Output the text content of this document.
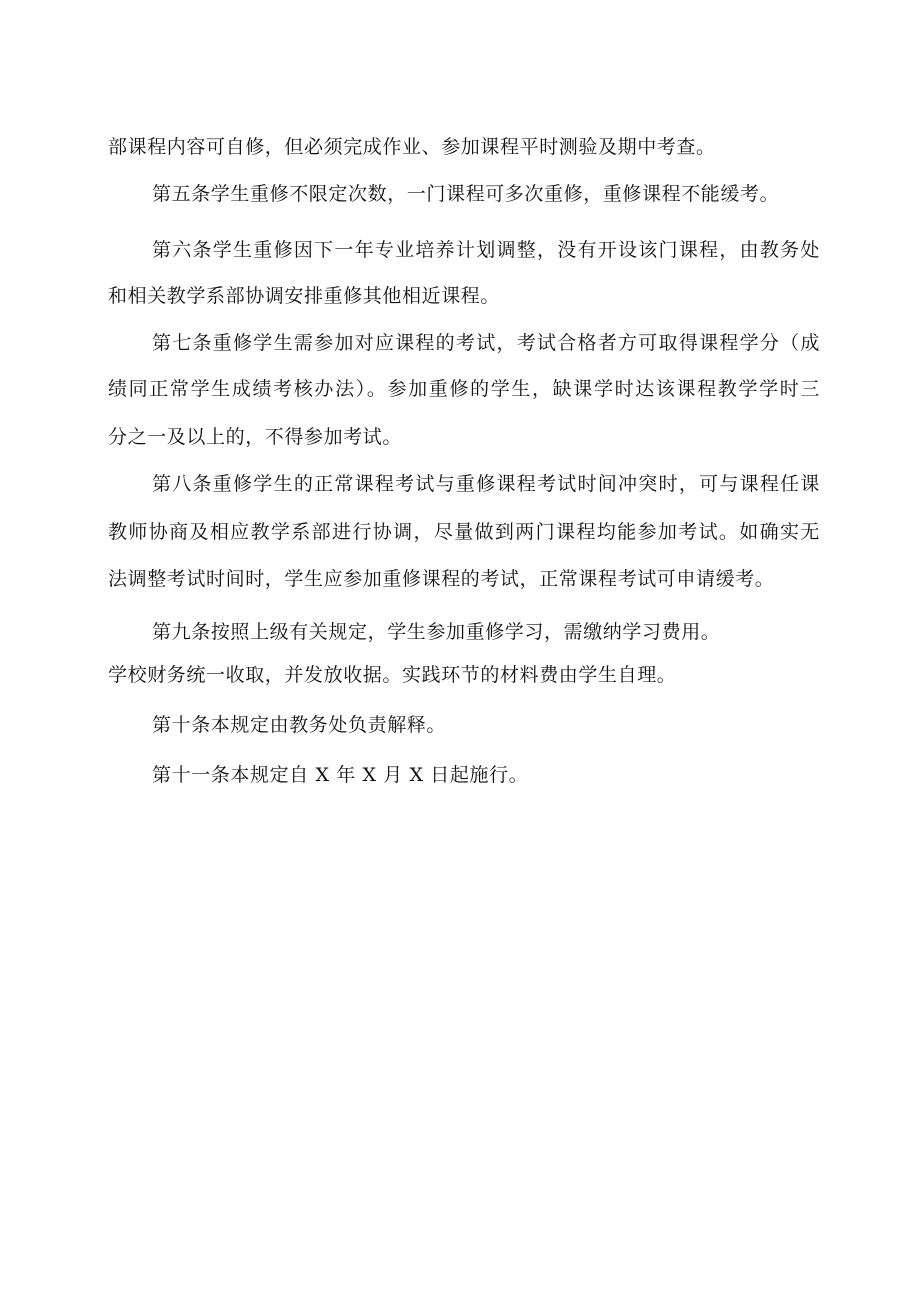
部课程内容可自修，但必须完成作业、参加课程平时测验及期中考查。
第五条学生重修不限定次数，一门课程可多次重修，重修课程不能缓考。
第六条学生重修因下一年专业培养计划调整，没有开设该门课程，由教务处
和相关教学系部协调安排重修其他相近课程。
第七条重修学生需参加对应课程的考试，考试合格者方可取得课程学分（成
绩同正常学生成绩考核办法）。参加重修的学生，缺课学时达该课程教学学时三
分之一及以上的，不得参加考试。
第八条重修学生的正常课程考试与重修课程考试时间冲突时，可与课程任课
教师协商及相应教学系部进行协调，尽量做到两门课程均能参加考试。如确实无
法调整考试时间时，学生应参加重修课程的考试，正常课程考试可申请缓考。
第九条按照上级有关规定，学生参加重修学习，需缴纳学习费用。
学校财务统一收取，并发放收据。实践环节的材料费由学生自理。
第十条本规定由教务处负责解释。
第十一条本规定自 X 年 X 月 X 日起施行。
